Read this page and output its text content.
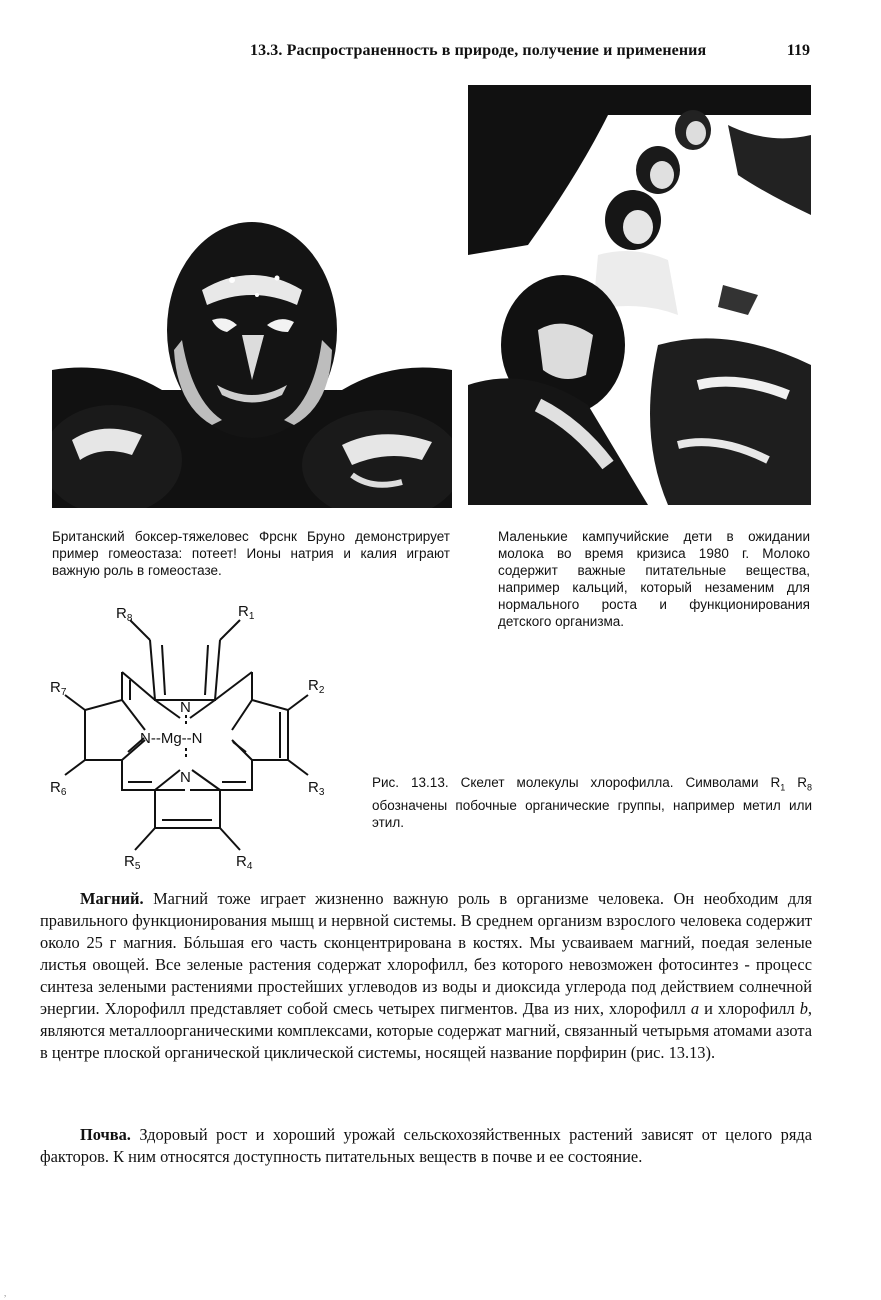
13.3. Распространенность в природе, получение и применения	119
Британский боксер-тяжеловес Фрснк Бруно демонстрирует пример гомеостаза: потеет! Ионы натрия и калия играют важную роль в гомеостазе.
Маленькие кампучийские дети в ожидании молока во время кризиса 1980 г. Молоко содержит важные питательные вещества, например кальций, который незаменим для нормального роста и функционирования детского организма.
N
N
N--Mg--N
$R_8$	$R_1$
$R_7$	$R_2$
$R_6$	$R_3$
$R_5$	$R_4$
Рис. 13.13. Скелет молекулы хлорофилла. Символами $R_1$ $R_8$ обозначены побочные органические группы, например метил или этил.

Магний. Магний тоже играет жизненно важную роль в организме человека. Он необходим для правильного функционирования мышц и нервной системы. В среднем организм взрослого человека содержит около 25 г магния. Бóльшая его часть сконцентрирована в костях. Мы усваиваем магний, поедая зеленые листья овощей. Все зеленые растения содержат хлорофилл, без которого невозможен фотосинтез - процесс синтеза зелеными растениями простейших углеводов из воды и диоксида углерода под действием солнечной энергии. Хлорофилл представляет собой смесь четырех пигментов. Два из них, хлорофилл а и хлорофилл b, являются металлоорганическими комплексами, которые содержат магний, связанный четырьмя атомами азота в центре плоской органической циклической системы, носящей название порфирин (рис. 13.13).

Почва. Здоровый рост и хороший урожай сельскохозяйственных растений зависят от целого ряда факторов. К ним относятся доступность питательных веществ в почве и ее состояние.

,
